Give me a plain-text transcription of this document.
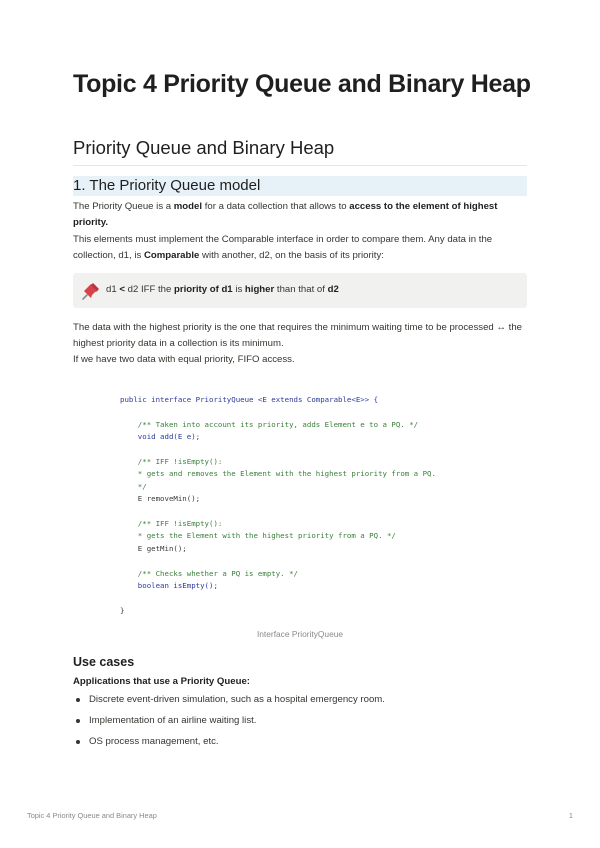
Topic 4 Priority Queue and Binary Heap
Priority Queue and Binary Heap
1. The Priority Queue model

The Priority Queue is a model for a data collection that allows to access to the element of highest priority.

This elements must implement the Comparable interface in order to compare them. Any data in the collection, d1, is Comparable with another, d2, on the basis of its priority:

d1 < d2 IFF the priority of d1 is higher than that of d2

The data with the highest priority is the one that requires the minimum waiting time to be processed ↔ the highest priority data in a collection is its minimum.

If we have two data with equal priority, FIFO access.

public interface PriorityQueue <E extends Comparable<E>> {

/** Taken into account its priority, adds Element e to a PQ. */
void add(E e);

/** IFF !isEmpty():
* gets and removes the Element with the highest priority from a PQ.
*/
E removeMin();

/** IFF !isEmpty():
* gets the Element with the highest priority from a PQ. */
E getMin();

/** Checks whether a PQ is empty. */
boolean isEmpty();

}

Interface PriorityQueue

Use cases

Applications that use a Priority Queue:

Discrete event-driven simulation, such as a hospital emergency room.
Implementation of an airline waiting list.
OS process management, etc.
Topic 4 Priority Queue and Binary Heap	1
